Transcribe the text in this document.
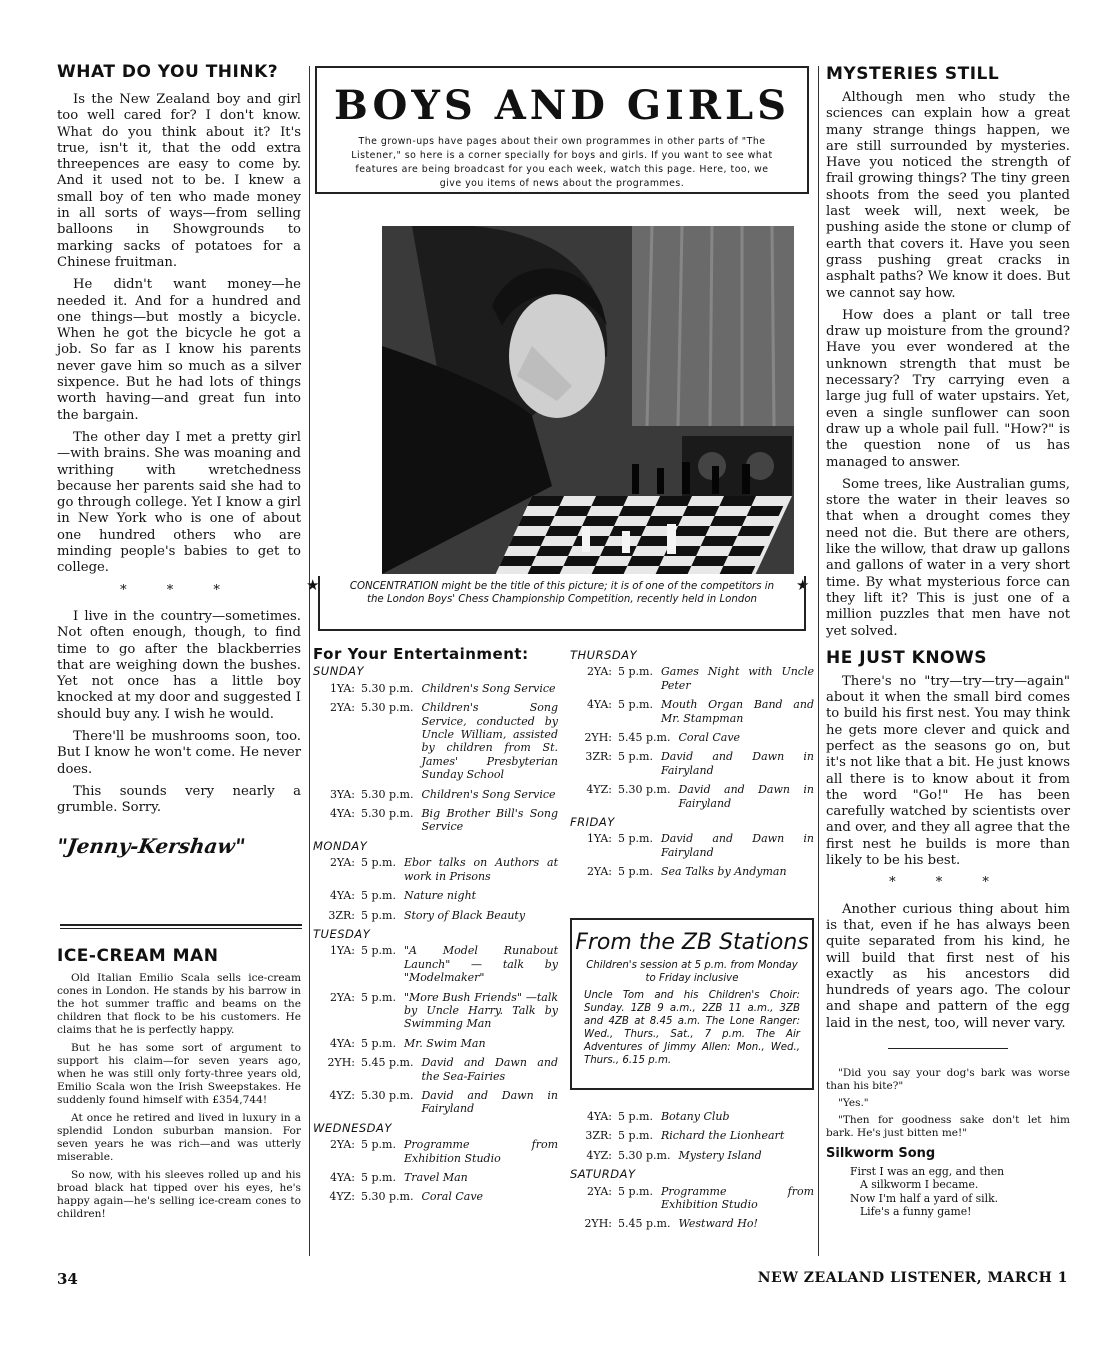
WHAT DO YOU THINK?

Is the New Zealand boy and girl too well cared for? I don't know. What do you think about it? It's true, isn't it, that the odd extra threepences are easy to come by. And it used not to be. I knew a small boy of ten who made money in all sorts of ways—from selling balloons in Showgrounds to marking sacks of potatoes for a Chinese fruitman.

He didn't want money—he needed it. And for a hundred and one things—but mostly a bicycle. When he got the bicycle he got a job. So far as I know his parents never gave him so much as a silver sixpence. But he had lots of things worth having—and great fun into the bargain.

The other day I met a pretty girl—with brains. She was moaning and writhing with wretchedness because her parents said she had to go through college. Yet I know a girl in New York who is one of about one hundred others who are minding people's babies to get to college.

* * *

I live in the country—sometimes. Not often enough, though, to find time to go after the blackberries that are weighing down the bushes. Yet not once has a little boy knocked at my door and suggested I should buy any. I wish he would.

There'll be mushrooms soon, too. But I know he won't come. He never does.

This sounds very nearly a grumble. Sorry.

"Jenny-Kershaw"
ICE-CREAM MAN

Old Italian Emilio Scala sells ice-cream cones in London. He stands by his barrow in the hot summer traffic and beams on the children that flock to be his customers. He claims that he is perfectly happy.

But he has some sort of argument to support his claim—for seven years ago, when he was still only forty-three years old, Emilio Scala won the Irish Sweepstakes. He suddenly found himself with £354,744!

At once he retired and lived in luxury in a splendid London suburban mansion. For seven years he was rich—and was utterly miserable.

So now, with his sleeves rolled up and his broad black hat tipped over his eyes, he's happy again—he's selling ice-cream cones to children!

BOYS AND GIRLS
The grown-ups have pages about their own programmes in other parts of "The Listener," so here is a corner specially for boys and girls. If you want to see what features are being broadcast for you each week, watch this page. Here, too, we give you items of news about the programmes.
★	★

CONCENTRATION might be the title of this picture; it is of one of the competitors in the London Boys' Chess Championship Competition, recently held in London

For Your Entertainment:
SUNDAY
1YA: 5.30 p.m. Children's Song Service
2YA: 5.30 p.m. Children's Song Service, conducted by Uncle William, assisted by children from St. James' Presbyterian Sunday School
3YA: 5.30 p.m. Children's Song Service
4YA: 5.30 p.m. Big Brother Bill's Song Service
MONDAY
2YA: 5 p.m. Ebor talks on Authors at work in Prisons
4YA: 5 p.m. Nature night
3ZR: 5 p.m. Story of Black Beauty
TUESDAY
1YA: 5 p.m. "A Model Runabout Launch" — talk by "Modelmaker"
2YA: 5 p.m. "More Bush Friends" —talk by Uncle Harry. Talk by Swimming Man
4YA: 5 p.m. Mr. Swim Man
2YH: 5.45 p.m. David and Dawn and the Sea-Fairies
4YZ: 5.30 p.m. David and Dawn in Fairyland
WEDNESDAY
2YA: 5 p.m. Programme from Exhibition Studio
4YA: 5 p.m. Travel Man
4YZ: 5.30 p.m. Coral Cave
THURSDAY
2YA: 5 p.m. Games Night with Uncle Peter
4YA: 5 p.m. Mouth Organ Band and Mr. Stampman
2YH: 5.45 p.m. Coral Cave
3ZR: 5 p.m. David and Dawn in Fairyland
4YZ: 5.30 p.m. David and Dawn in Fairyland
FRIDAY
1YA: 5 p.m. David and Dawn in Fairyland
2YA: 5 p.m. Sea Talks by Andyman
From the ZB Stations

Children's session at 5 p.m. from Monday to Friday inclusive

Uncle Tom and his Children's Choir: Sunday. 1ZB 9 a.m., 2ZB 11 a.m., 3ZB and 4ZB at 8.45 a.m. The Lone Ranger: Wed., Thurs., Sat., 7 p.m. The Air Adventures of Jimmy Allen: Mon., Wed., Thurs., 6.15 p.m.

4YA: 5 p.m. Botany Club
3ZR: 5 p.m. Richard the Lionheart
4YZ: 5.30 p.m. Mystery Island
SATURDAY
2YA: 5 p.m. Programme from Exhibition Studio
2YH: 5.45 p.m. Westward Ho!
MYSTERIES STILL

Although men who study the sciences can explain how a great many strange things happen, we are still surrounded by mysteries. Have you noticed the strength of frail growing things? The tiny green shoots from the seed you planted last week will, next week, be pushing aside the stone or clump of earth that covers it. Have you seen grass pushing great cracks in asphalt paths? We know it does. But we cannot say how.

How does a plant or tall tree draw up moisture from the ground? Have you ever wondered at the unknown strength that must be necessary? Try carrying even a large jug full of water upstairs. Yet, even a single sunflower can soon draw up a whole pail full. "How?" is the question none of us has managed to answer.

Some trees, like Australian gums, store the water in their leaves so that when a drought comes they need not die. But there are others, like the willow, that draw up gallons and gallons of water in a very short time. By what mysterious force can they lift it? This is just one of a million puzzles that men have not yet solved.

HE JUST KNOWS

There's no "try—try—try—again" about it when the small bird comes to build his first nest. You may think he gets more clever and quick and perfect as the seasons go on, but it's not like that a bit. He just knows all there is to know about it from the word "Go!" He has been carefully watched by scientists over and over, and they all agree that the first nest he builds is more than likely to be his best.

* * *

Another curious thing about him is that, even if he has always been quite separated from his kind, he will build that first nest of his exactly as his ancestors did hundreds of years ago. The colour and shape and pattern of the egg laid in the nest, too, will never vary.

"Did you say your dog's bark was worse than his bite?"

"Yes."

"Then for goodness sake don't let him bark. He's just bitten me!"

Silkworm Song
First I was an egg, and then
A silkworm I became.
Now I'm half a yard of silk.
Life's a funny game!
34	NEW ZEALAND LISTENER, MARCH 1
